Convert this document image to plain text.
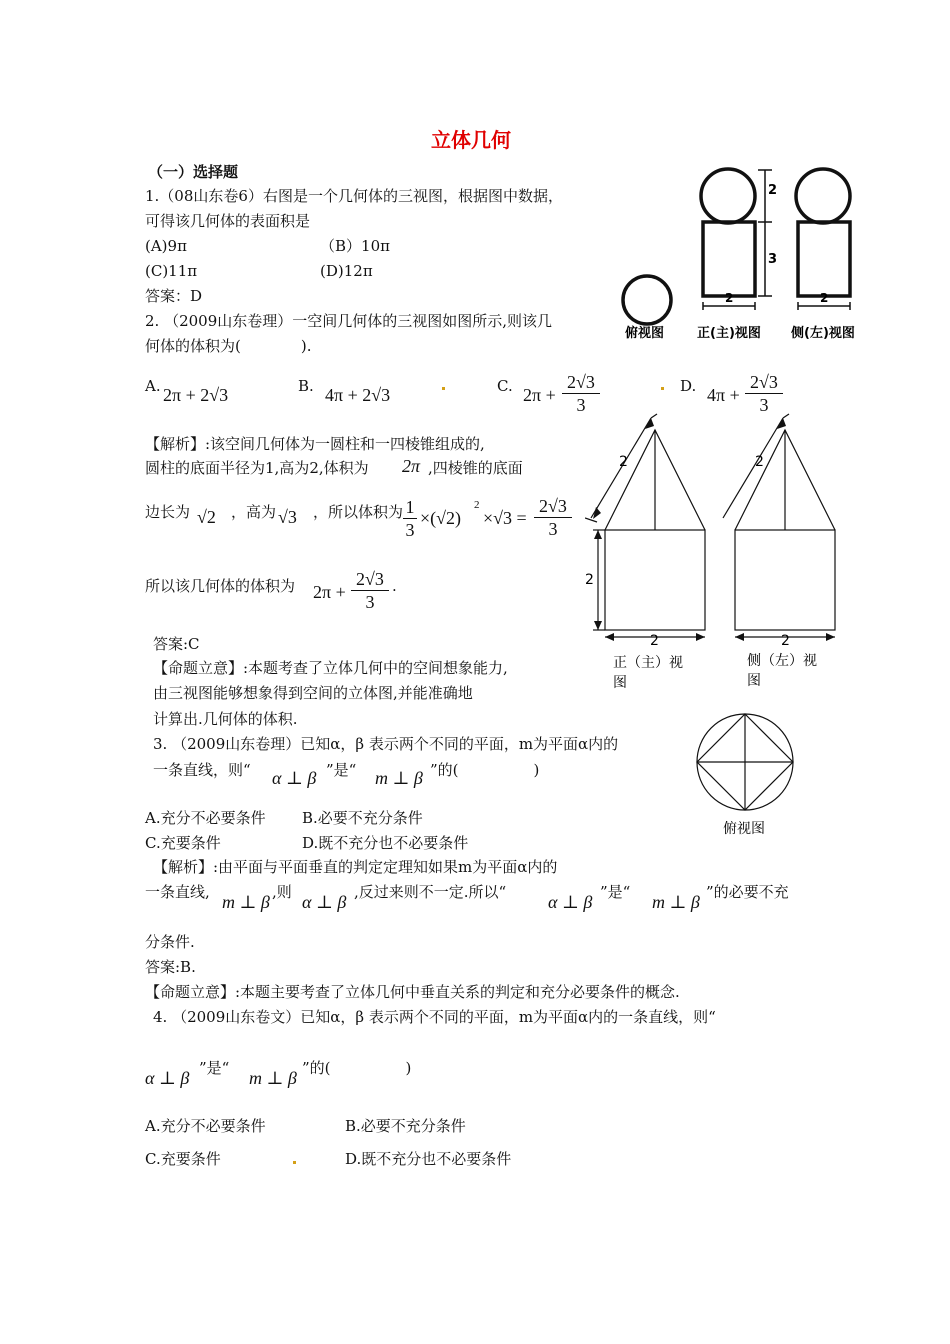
立体几何
（一）选择题
1.（08山东卷6）右图是一个几何体的三视图，根据图中数据，
可得该几何体的表面积是
(A)9π	（B）10π
(C)11π	(D)12π
答案：D
2
3
2	2
俯视图	正(主)视图 侧(左)视图
2. （2009山东卷理）一空间几何体的三视图如图所示,则该几
何体的体积为(　　　　).
A. 2π + 2√3	B. 4π + 2√3	C. 2π +
2√3
3
D. 4π +
2√3
3
【解析】:该空间几何体为一圆柱和一四棱锥组成的,
圆柱的底面半径为1,高为2,体积为 2π ,四棱锥的底面
边长为 √2 ，高为 √3 ，所以体积为 1
3
×(√2)
2
×√3 =
2√3
3
所以该几何体的体积为 2π +
2√3
3
.
答案:C
【命题立意】:本题考查了立体几何中的空间想象能力,
由三视图能够想象得到空间的立体图,并能准确地
计算出.几何体的体积.
2	2
2
2	2
正（主）视
图
侧（左）视
图
俯视图
3. （2009山东卷理）已知α，β 表示两个不同的平面，m为平面α内的
一条直线，则“ α ⊥ β ”是“ m ⊥ β ”的(　　　　　)
A.充分不必要条件 B.必要不充分条件
C.充要条件	D.既不充分也不必要条件
【解析】:由平面与平面垂直的判定定理知如果m为平面α内的
一条直线, m ⊥ β ,则 α ⊥ β ,反过来则不一定.所以“ α ⊥ β ”是“ m ⊥ β ”的必要不充
分条件.
答案:B.
【命题立意】:本题主要考查了立体几何中垂直关系的判定和充分必要条件的概念.
4. （2009山东卷文）已知α，β 表示两个不同的平面，m为平面α内的一条直线，则“
α ⊥ β ”是“ m ⊥ β ”的(　　　　　)
A.充分不必要条件	B.必要不充分条件
C.充要条件	D.既不充分也不必要条件
